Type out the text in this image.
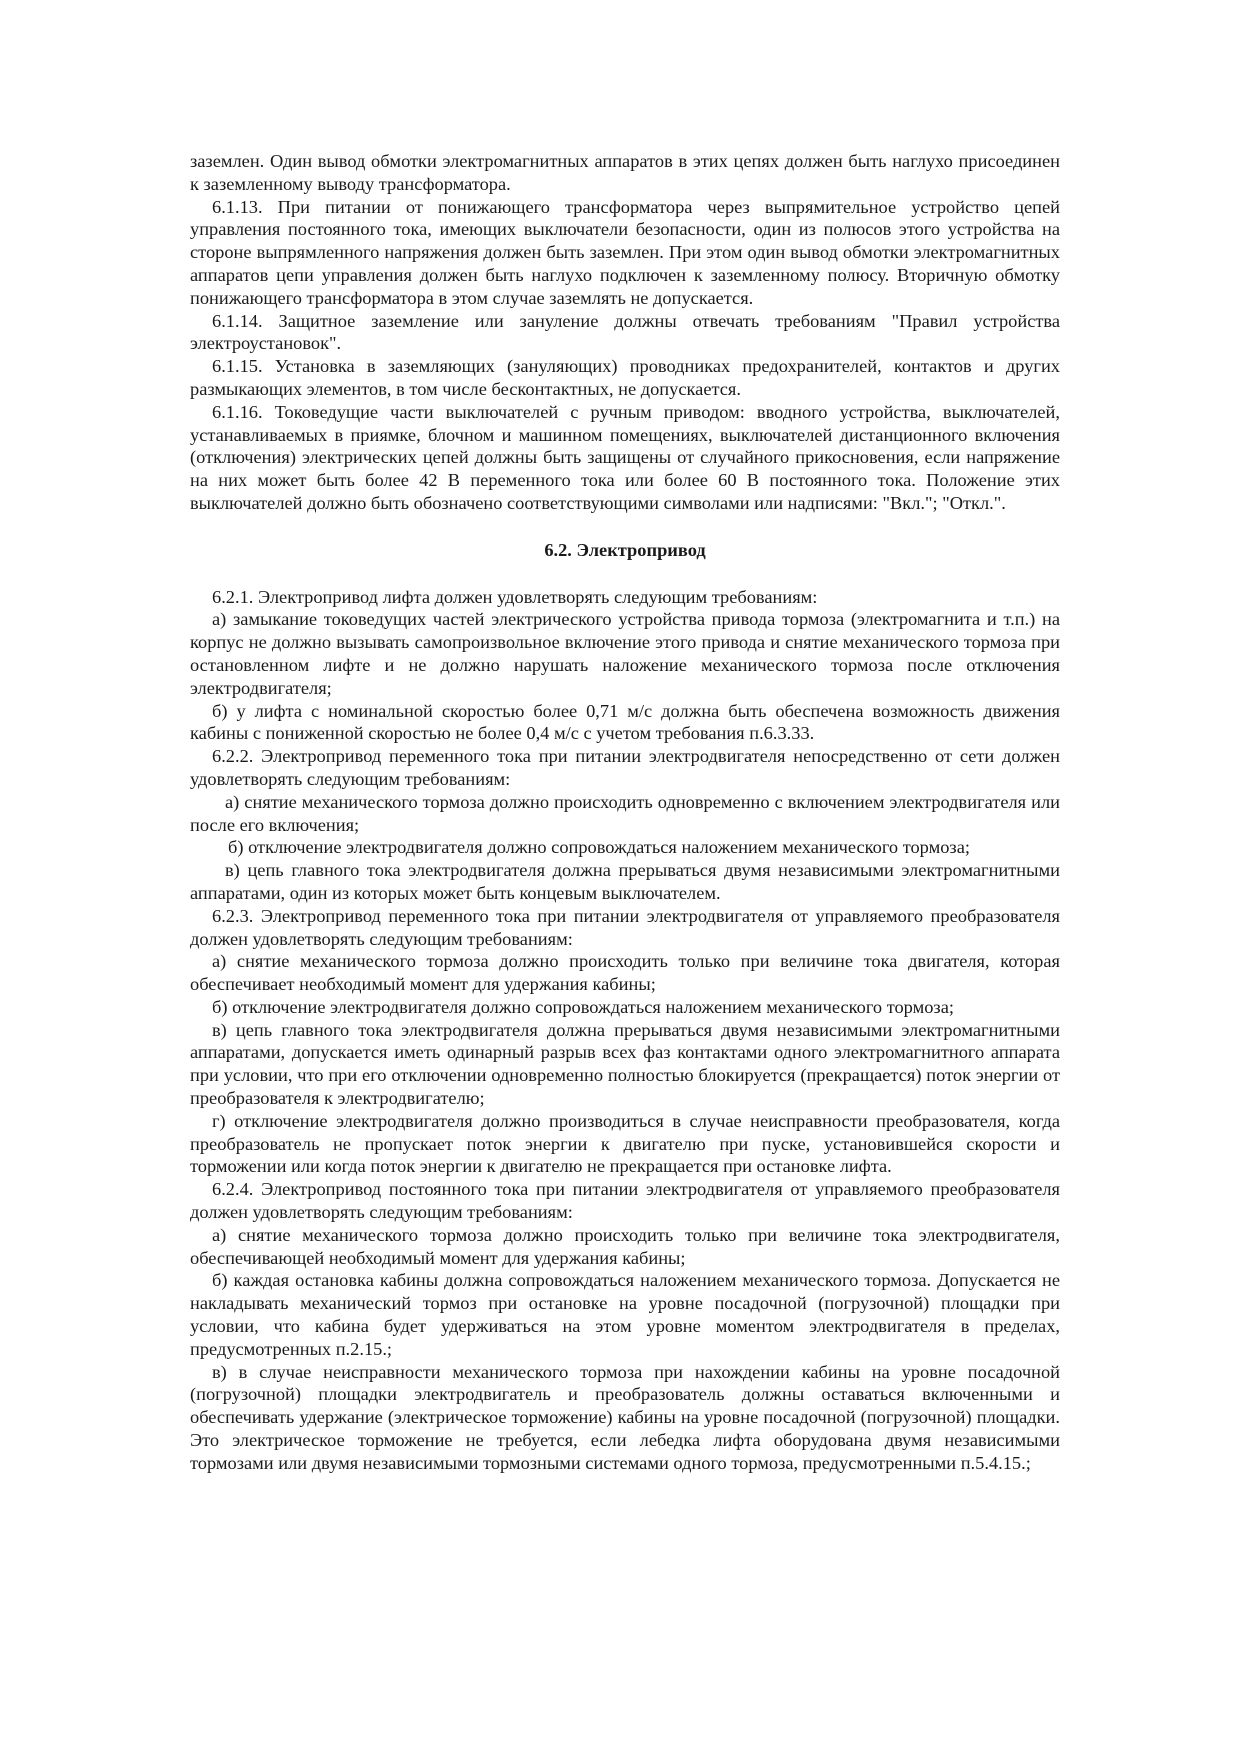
заземлен. Один вывод обмотки электромагнитных аппаратов в этих цепях должен быть наглухо присоединен к заземленному выводу трансформатора.

6.1.13. При питании от понижающего трансформатора через выпрямительное устройство цепей управления постоянного тока, имеющих выключатели безопасности, один из полюсов этого устройства на стороне выпрямленного напряжения должен быть заземлен. При этом один вывод обмотки электромагнитных аппаратов цепи управления должен быть наглухо подключен к заземленному полюсу. Вторичную обмотку понижающего трансформатора в этом случае заземлять не допускается.

6.1.14. Защитное заземление или зануление должны отвечать требованиям "Правил устройства электроустановок".

6.1.15. Установка в заземляющих (зануляющих) проводниках предохранителей, контактов и других размыкающих элементов, в том числе бесконтактных, не допускается.

6.1.16. Токоведущие части выключателей с ручным приводом: вводного устройства, выключателей, устанавливаемых в приямке, блочном и машинном помещениях, выключателей дистанционного включения (отключения) электрических цепей должны быть защищены от случайного прикосновения, если напряжение на них может быть более 42 В переменного тока или более 60 В постоянного тока. Положение этих выключателей должно быть обозначено соответствующими символами или надписями: "Вкл."; "Откл.".

6.2. Электропривод

6.2.1. Электропривод лифта должен удовлетворять следующим требованиям:

а) замыкание токоведущих частей электрического устройства привода тормоза (электромагнита и т.п.) на корпус не должно вызывать самопроизвольное включение этого привода и снятие механического тормоза при остановленном лифте и не должно нарушать наложение механического тормоза после отключения электродвигателя;

б) у лифта с номинальной скоростью более 0,71 м/с должна быть обеспечена возможность движения кабины с пониженной скоростью не более 0,4 м/с с учетом требования п.6.3.33.

6.2.2. Электропривод переменного тока при питании электродвигателя непосредственно от сети должен удовлетворять следующим требованиям:

а) снятие механического тормоза должно происходить одновременно с включением электродвигателя или после его включения;

б) отключение электродвигателя должно сопровождаться наложением механического тормоза;

в) цепь главного тока электродвигателя должна прерываться двумя независимыми электромагнитными аппаратами, один из которых может быть концевым выключателем.

6.2.3. Электропривод переменного тока при питании электродвигателя от управляемого преобразователя должен удовлетворять следующим требованиям:

а) снятие механического тормоза должно происходить только при величине тока двигателя, которая обеспечивает необходимый момент для удержания кабины;

б) отключение электродвигателя должно сопровождаться наложением механического тормоза;

в) цепь главного тока электродвигателя должна прерываться двумя независимыми электромагнитными аппаратами, допускается иметь одинарный разрыв всех фаз контактами одного электромагнитного аппарата при условии, что при его отключении одновременно полностью блокируется (прекращается) поток энергии от преобразователя к электродвигателю;

г) отключение электродвигателя должно производиться в случае неисправности преобразователя, когда преобразователь не пропускает поток энергии к двигателю при пуске, установившейся скорости и торможении или когда поток энергии к двигателю не прекращается при остановке лифта.

6.2.4. Электропривод постоянного тока при питании электродвигателя от управляемого преобразователя должен удовлетворять следующим требованиям:

а) снятие механического тормоза должно происходить только при величине тока электродвигателя, обеспечивающей необходимый момент для удержания кабины;

б) каждая остановка кабины должна сопровождаться наложением механического тормоза. Допускается не накладывать механический тормоз при остановке на уровне посадочной (погрузочной) площадки при условии, что кабина будет удерживаться на этом уровне моментом электродвигателя в пределах, предусмотренных п.2.15.;

в) в случае неисправности механического тормоза при нахождении кабины на уровне посадочной (погрузочной) площадки электродвигатель и преобразователь должны оставаться включенными и обеспечивать удержание (электрическое торможение) кабины на уровне посадочной (погрузочной) площадки. Это электрическое торможение не требуется, если лебедка лифта оборудована двумя независимыми тормозами или двумя независимыми тормозными системами одного тормоза, предусмотренными п.5.4.15.;
